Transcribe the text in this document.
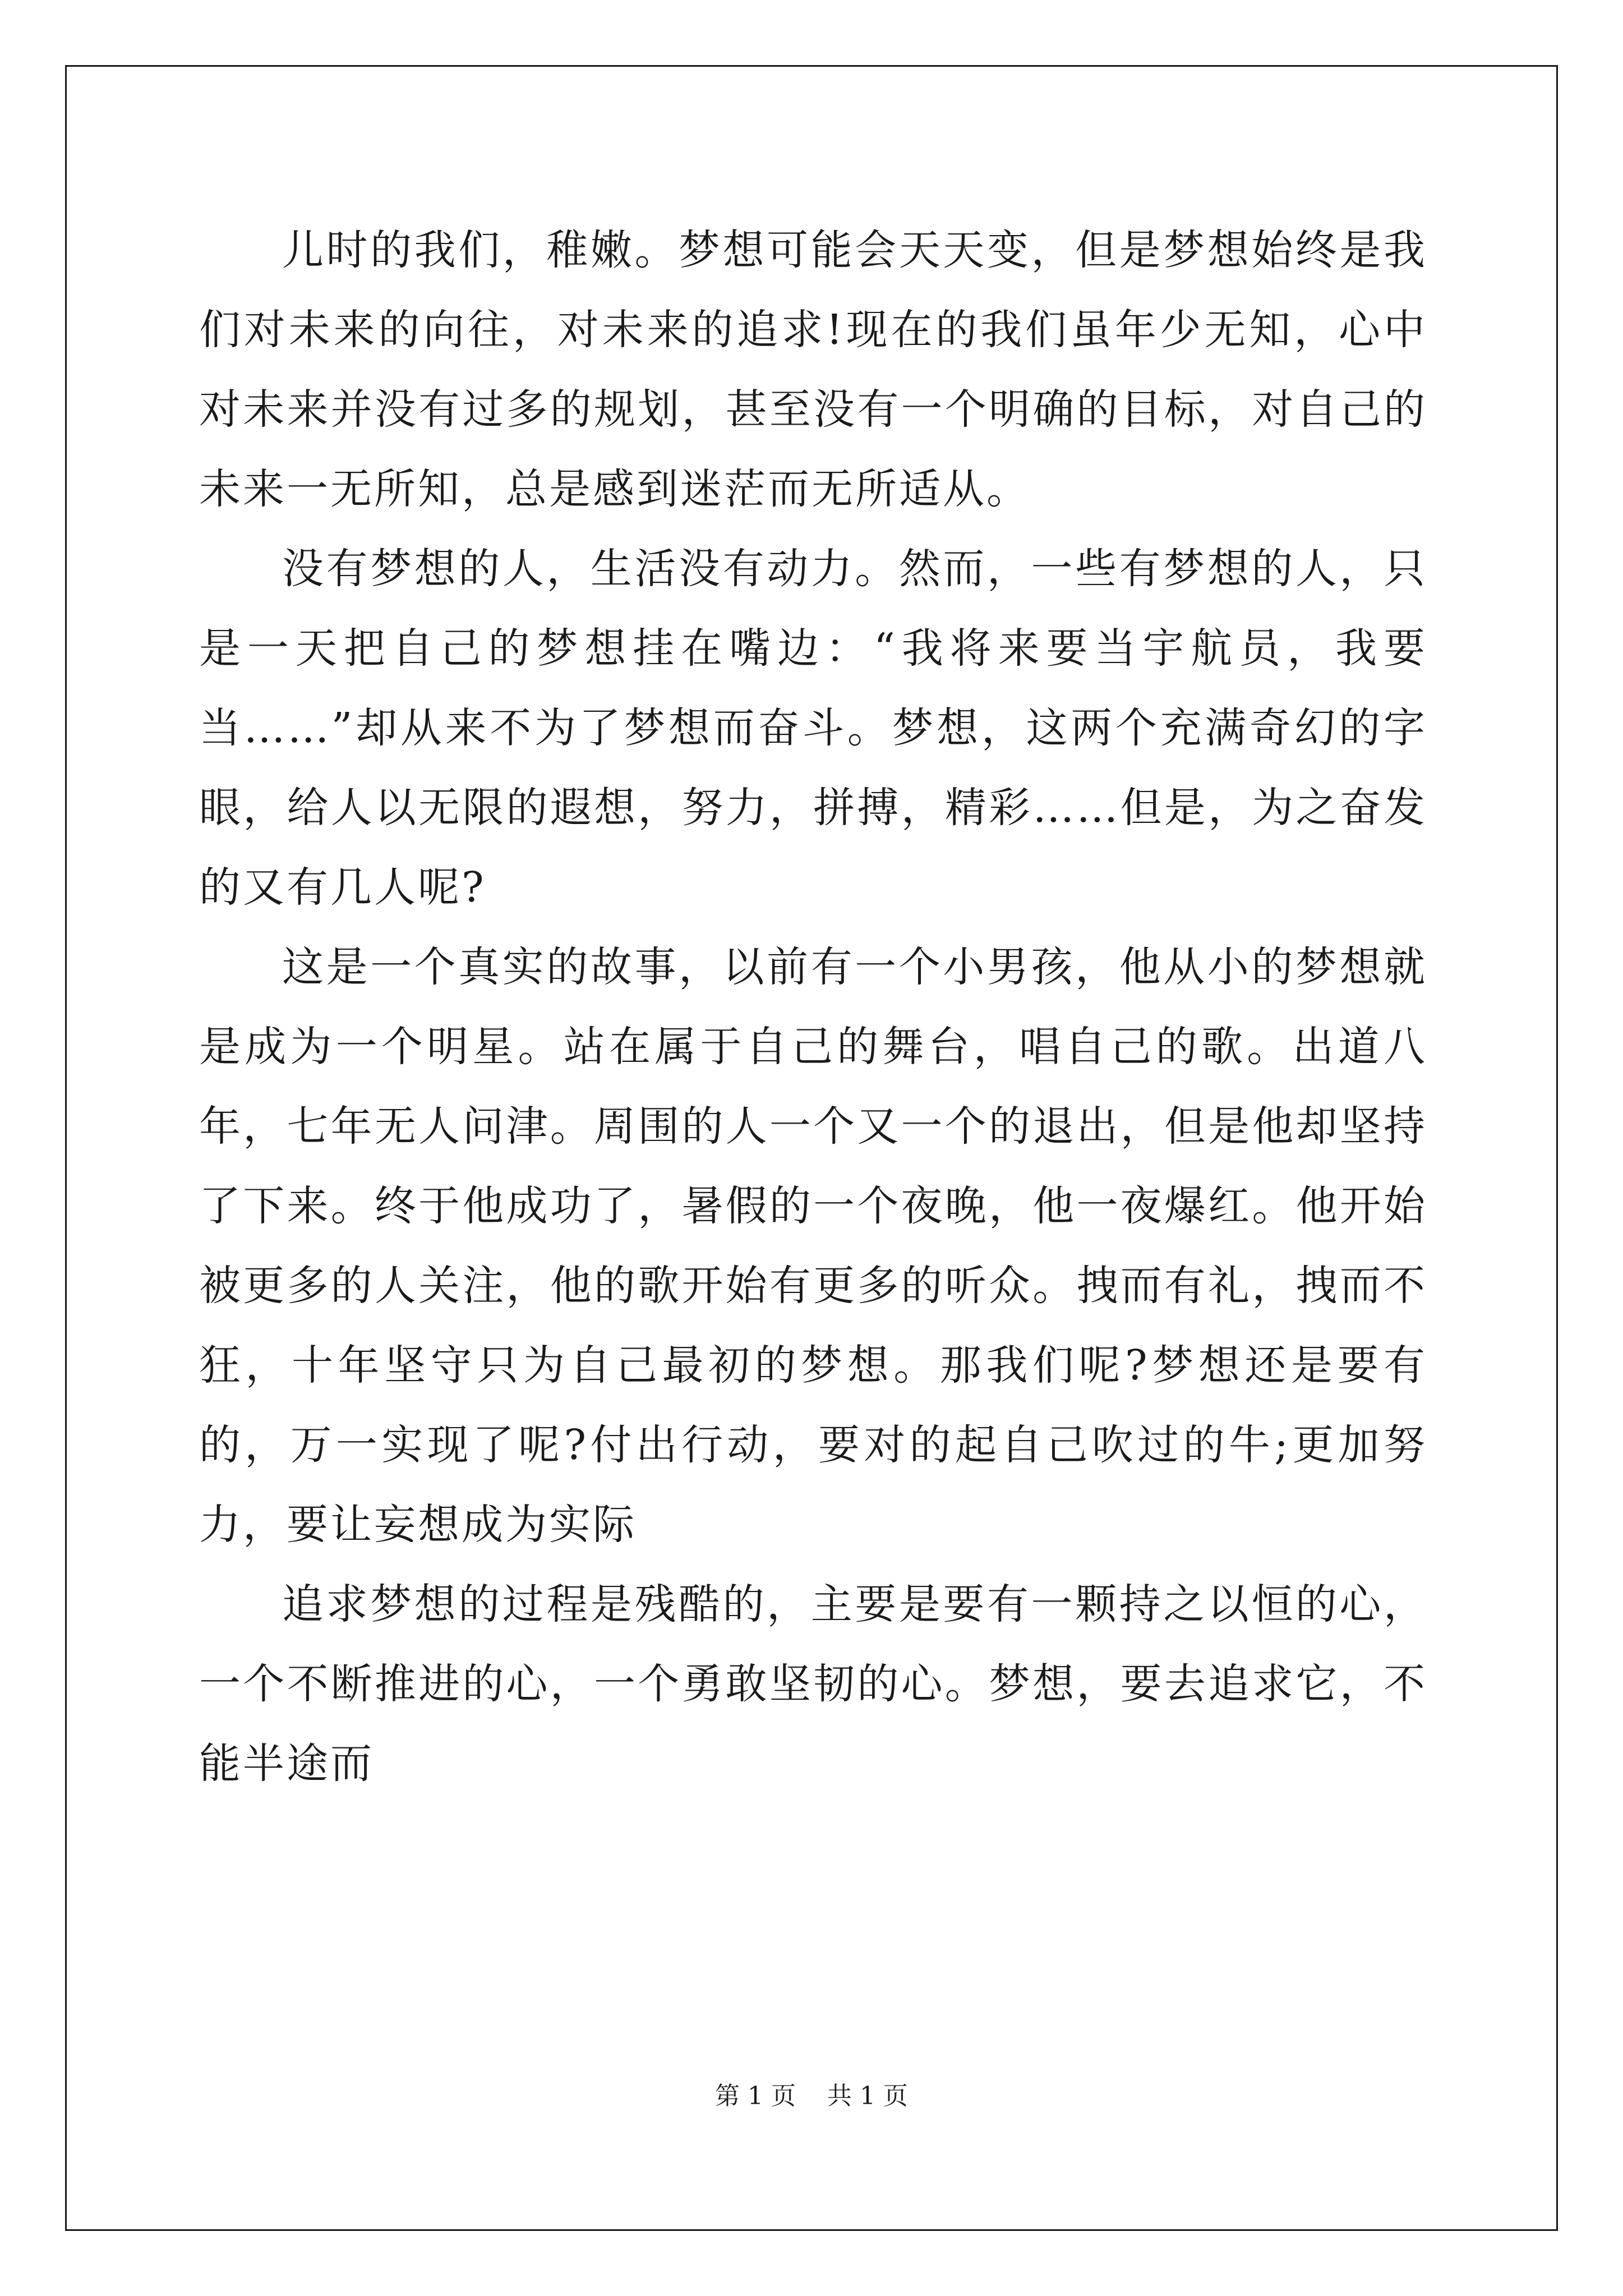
儿时的我们，稚嫩。梦想可能会天天变，但是梦想始终是我们对未来的向往，对未来的追求!现在的我们虽年少无知，心中对未来并没有过多的规划，甚至没有一个明确的目标，对自己的未来一无所知，总是感到迷茫而无所适从。

没有梦想的人，生活没有动力。然而，一些有梦想的人，只是一天把自己的梦想挂在嘴边：“我将来要当宇航员，我要当……”却从来不为了梦想而奋斗。梦想，这两个充满奇幻的字眼，给人以无限的遐想，努力，拼搏，精彩……但是，为之奋发的又有几人呢?

这是一个真实的故事，以前有一个小男孩，他从小的梦想就是成为一个明星。站在属于自己的舞台，唱自己的歌。出道八年，七年无人问津。周围的人一个又一个的退出，但是他却坚持了下来。终于他成功了，暑假的一个夜晚，他一夜爆红。他开始被更多的人关注，他的歌开始有更多的听众。拽而有礼，拽而不狂，十年坚守只为自己最初的梦想。那我们呢?梦想还是要有的，万一实现了呢?付出行动，要对的起自己吹过的牛;更加努力，要让妄想成为实际

追求梦想的过程是残酷的，主要是要有一颗持之以恒的心，一个不断推进的心，一个勇敢坚韧的心。梦想，要去追求它，不能半途而

第 1 页    共 1 页
